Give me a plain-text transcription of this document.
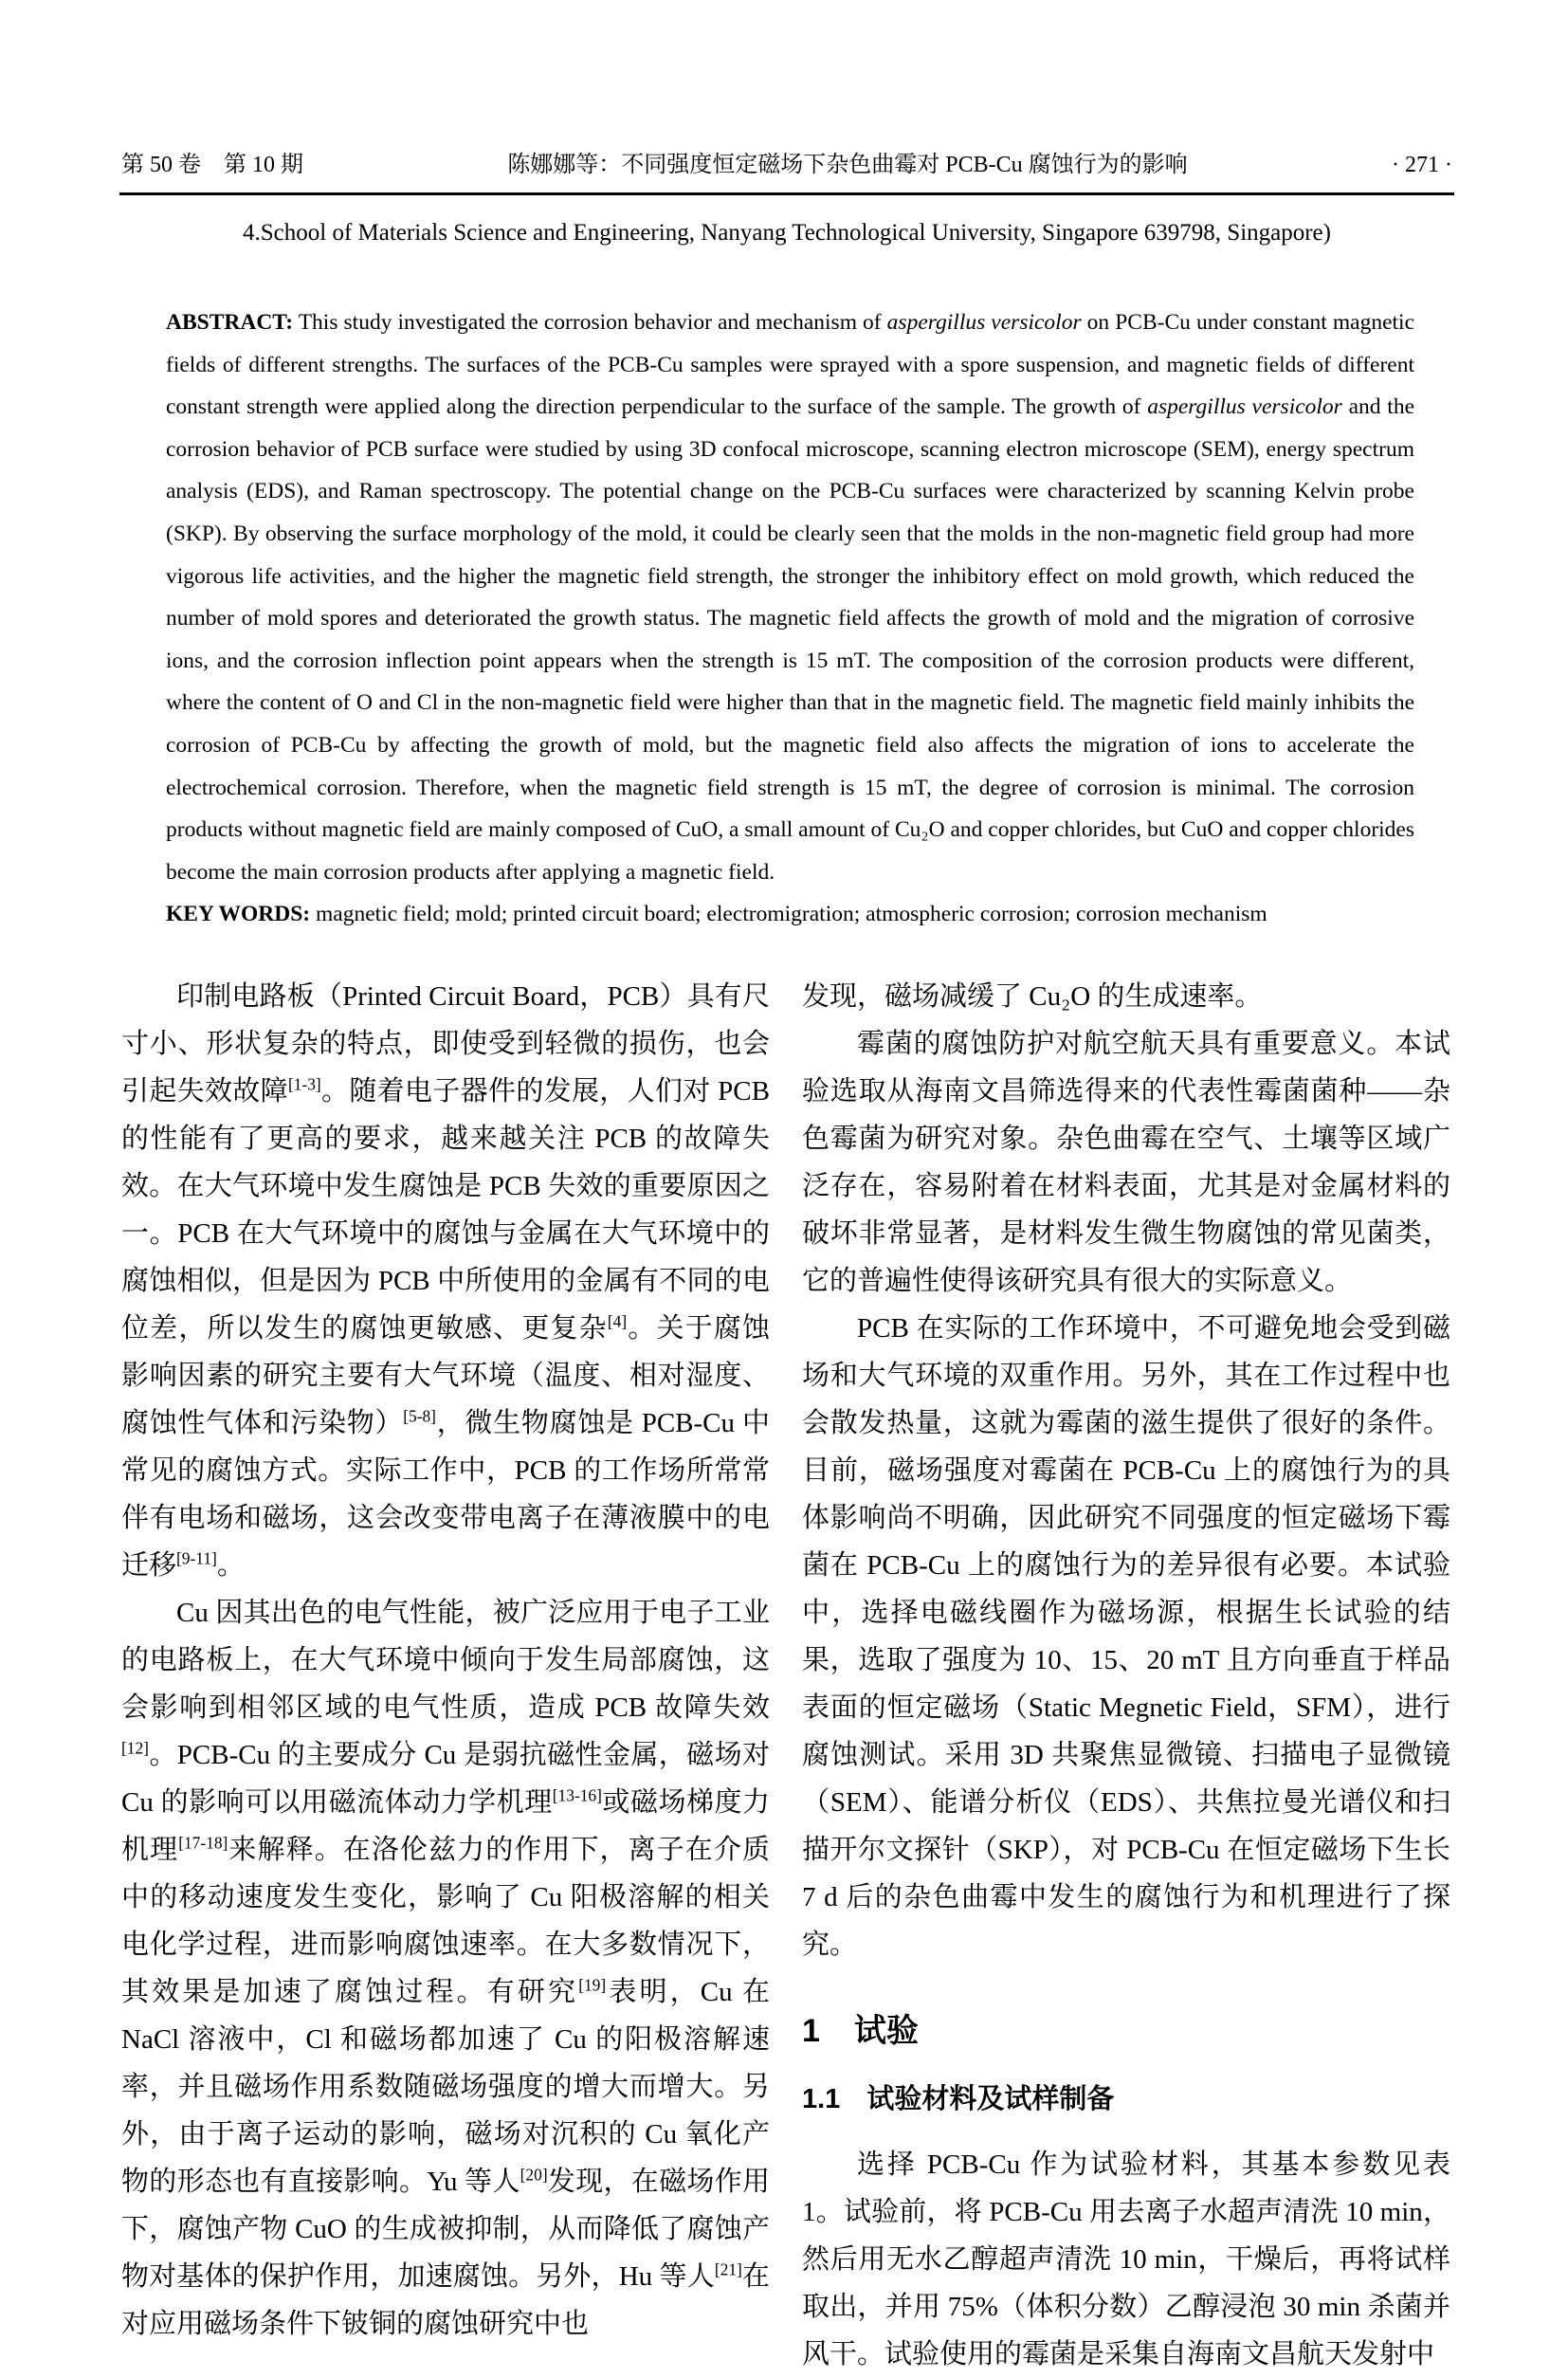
第 50 卷　第 10 期	陈娜娜等：不同强度恒定磁场下杂色曲霉对 PCB-Cu 腐蚀行为的影响	· 271 ·
4.School of Materials Science and Engineering, Nanyang Technological University, Singapore 639798, Singapore)

ABSTRACT: This study investigated the corrosion behavior and mechanism of aspergillus versicolor on PCB-Cu under constant magnetic fields of different strengths. The surfaces of the PCB-Cu samples were sprayed with a spore suspension, and magnetic fields of different constant strength were applied along the direction perpendicular to the surface of the sample. The growth of aspergillus versicolor and the corrosion behavior of PCB surface were studied by using 3D confocal microscope, scanning electron microscope (SEM), energy spectrum analysis (EDS), and Raman spectroscopy. The potential change on the PCB-Cu surfaces were characterized by scanning Kelvin probe (SKP). By observing the surface morphology of the mold, it could be clearly seen that the molds in the non-magnetic field group had more vigorous life activities, and the higher the magnetic field strength, the stronger the inhibitory effect on mold growth, which reduced the number of mold spores and deteriorated the growth status. The magnetic field affects the growth of mold and the migration of corrosive ions, and the corrosion inflection point appears when the strength is 15 mT. The composition of the corrosion products were different, where the content of O and Cl in the non-magnetic field were higher than that in the magnetic field. The magnetic field mainly inhibits the corrosion of PCB-Cu by affecting the growth of mold, but the magnetic field also affects the migration of ions to accelerate the electrochemical corrosion. Therefore, when the magnetic field strength is 15 mT, the degree of corrosion is minimal. The corrosion products without magnetic field are mainly composed of CuO, a small amount of Cu₂O and copper chlorides, but CuO and copper chlorides become the main corrosion products after applying a magnetic field.

KEY WORDS: magnetic field; mold; printed circuit board; electromigration; atmospheric corrosion; corrosion mechanism

印制电路板（Printed Circuit Board，PCB）具有尺寸小、形状复杂的特点，即使受到轻微的损伤，也会引起失效故障[1-3]。随着电子器件的发展，人们对 PCB 的性能有了更高的要求，越来越关注 PCB 的故障失效。在大气环境中发生腐蚀是 PCB 失效的重要原因之一。PCB 在大气环境中的腐蚀与金属在大气环境中的腐蚀相似，但是因为 PCB 中所使用的金属有不同的电位差，所以发生的腐蚀更敏感、更复杂[4]。关于腐蚀影响因素的研究主要有大气环境（温度、相对湿度、腐蚀性气体和污染物）[5-8]，微生物腐蚀是 PCB-Cu 中常见的腐蚀方式。实际工作中，PCB 的工作场所常常伴有电场和磁场，这会改变带电离子在薄液膜中的电迁移[9-11]。

Cu 因其出色的电气性能，被广泛应用于电子工业的电路板上，在大气环境中倾向于发生局部腐蚀，这会影响到相邻区域的电气性质，造成 PCB 故障失效[12]。PCB-Cu 的主要成分 Cu 是弱抗磁性金属，磁场对 Cu 的影响可以用磁流体动力学机理[13-16]或磁场梯度力机理[17-18]来解释。在洛伦兹力的作用下，离子在介质中的移动速度发生变化，影响了 Cu 阳极溶解的相关电化学过程，进而影响腐蚀速率。在大多数情况下，其效果是加速了腐蚀过程。有研究[19]表明，Cu 在 NaCl 溶液中，Cl 和磁场都加速了 Cu 的阳极溶解速率，并且磁场作用系数随磁场强度的增大而增大。另外，由于离子运动的影响，磁场对沉积的 Cu 氧化产物的形态也有直接影响。Yu 等人[20]发现，在磁场作用下，腐蚀产物 CuO 的生成被抑制，从而降低了腐蚀产物对基体的保护作用，加速腐蚀。另外，Hu 等人[21]在对应用磁场条件下铍铜的腐蚀研究中也

发现，磁场减缓了 Cu₂O 的生成速率。

霉菌的腐蚀防护对航空航天具有重要意义。本试验选取从海南文昌筛选得来的代表性霉菌菌种——杂色霉菌为研究对象。杂色曲霉在空气、土壤等区域广泛存在，容易附着在材料表面，尤其是对金属材料的破坏非常显著，是材料发生微生物腐蚀的常见菌类，它的普遍性使得该研究具有很大的实际意义。

PCB 在实际的工作环境中，不可避免地会受到磁场和大气环境的双重作用。另外，其在工作过程中也会散发热量，这就为霉菌的滋生提供了很好的条件。目前，磁场强度对霉菌在 PCB-Cu 上的腐蚀行为的具体影响尚不明确，因此研究不同强度的恒定磁场下霉菌在 PCB-Cu 上的腐蚀行为的差异很有必要。本试验中，选择电磁线圈作为磁场源，根据生长试验的结果，选取了强度为 10、15、20 mT 且方向垂直于样品表面的恒定磁场（Static Megnetic Field，SFM），进行腐蚀测试。采用 3D 共聚焦显微镜、扫描电子显微镜（SEM）、能谱分析仪（EDS）、共焦拉曼光谱仪和扫描开尔文探针（SKP），对 PCB-Cu 在恒定磁场下生长 7 d 后的杂色曲霉中发生的腐蚀行为和机理进行了探究。

1 试验
1.1 试验材料及试样制备

选择 PCB-Cu 作为试验材料，其基本参数见表 1。试验前，将 PCB-Cu 用去离子水超声清洗 10 min，然后用无水乙醇超声清洗 10 min，干燥后，再将试样取出，并用 75%（体积分数）乙醇浸泡 30 min 杀菌并风干。试验使用的霉菌是采集自海南文昌航天发射中
